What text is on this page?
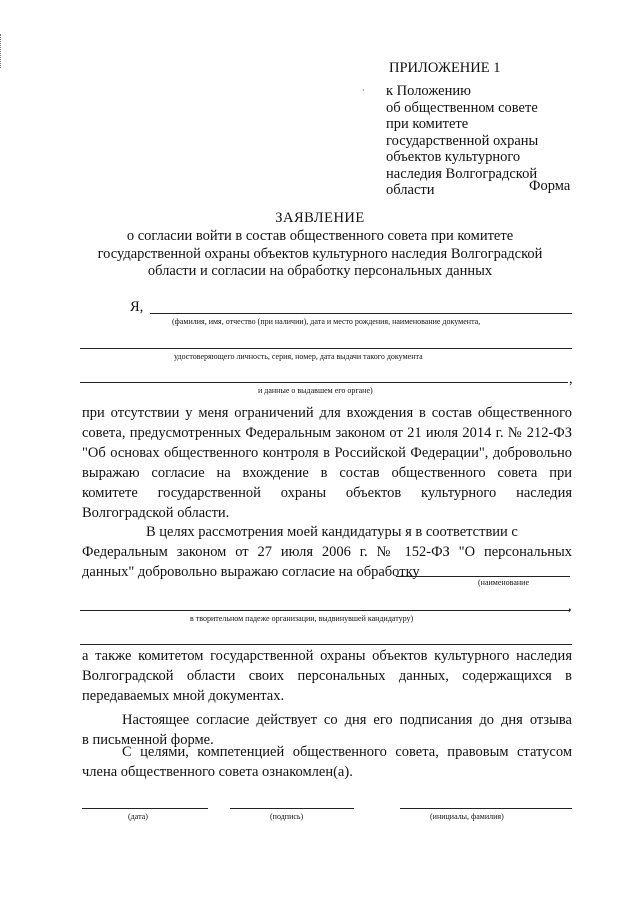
ПРИЛОЖЕНИЕ 1
· к Положению
об общественном совете
при комитете
государственной охраны
объектов культурного
наследия Волгоградской
области	Форма
ЗАЯВЛЕНИЕ
о согласии войти в состав общественного совета при комитете
государственной охраны объектов культурного наследия Волгоградской
области и согласии на обработку персональных данных
Я,
(фамилия, имя, отчество (при наличии), дата и место рождения, наименование документа,
удостоверяющего личность, серия, номер, дата выдачи такого документа
,
и данные о выдавшем его органе)
при отсутствии у меня ограничений для вхождения в состав общественного
совета, предусмотренных Федеральным законом от 21 июля 2014 г. № 212-ФЗ
"Об основах общественного контроля в Российской Федерации", добровольно
выражаю согласие на вхождение в состав общественного совета при
комитете государственной охраны объектов культурного наследия
Волгоградской области.
В целях рассмотрения моей кандидатуры я в соответствии с
Федеральным законом от 27 июля 2006 г. № 152-ФЗ "О персональных
данных" добровольно выражаю согласие на обработку
(наименование
,
в творительном падеже организации, выдвинувшей кандидатуру)
а также комитетом государственной охраны объектов культурного наследия
Волгоградской области своих персональных данных, содержащихся в
передаваемых мной документах.
Настоящее согласие действует со дня его подписания до дня отзыва
в письменной форме.
С целями, компетенцией общественного совета, правовым статусом
члена общественного совета ознакомлен(а).
(дата)	(подпись)	(инициалы, фамилия)
